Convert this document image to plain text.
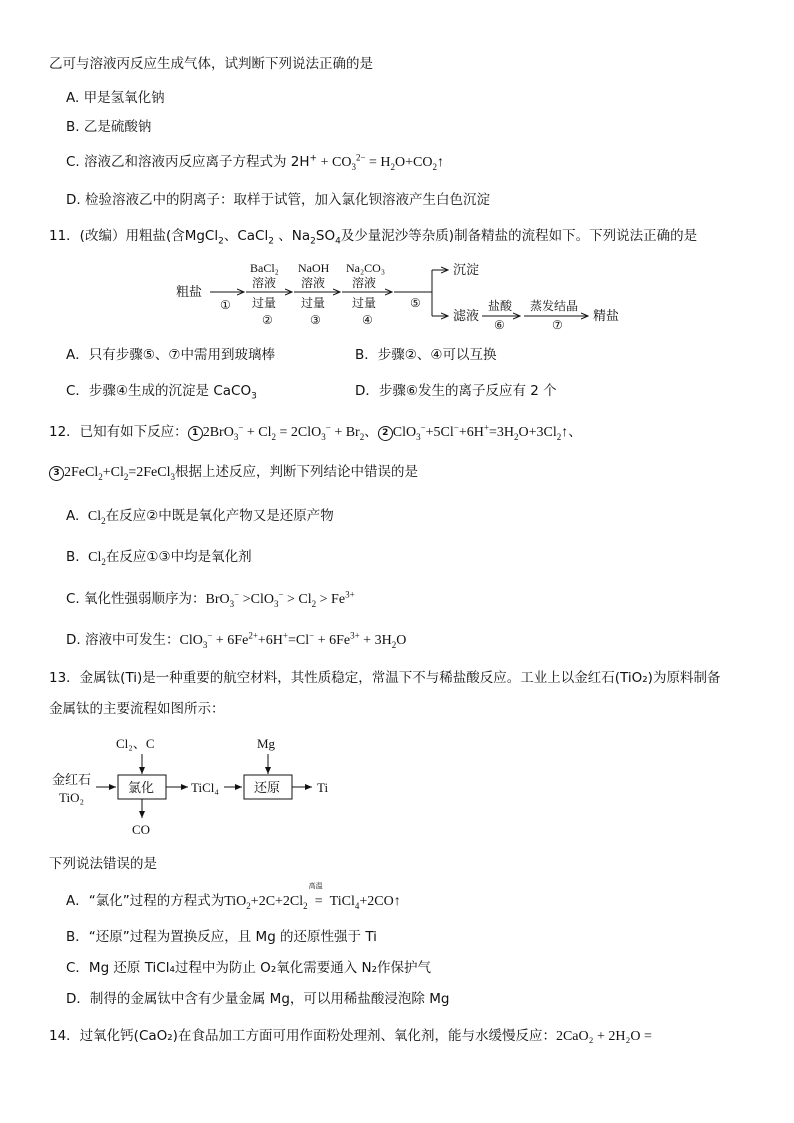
乙可与溶液丙反应生成气体，试判断下列说法正确的是
A. 甲是氢氧化钠
B. 乙是硫酸钠
C. 溶液乙和溶液丙反应离子方程式为 $2H^+ + CO_3^{2-}$ = $H_2O+CO_2↑$
D. 检验溶液乙中的阴离子：取样于试管，加入氯化钡溶液产生白色沉淀
11．(改编）用粗盐(含MgCl$_2$、CaCl$_2$ 、$Na_2SO_4$及少量泥沙等杂质)制备精盐的流程如下。下列说法正确的是
粗盐
①
BaCl₂
溶液
过量
②
NaOH
溶液
过量
③
Na₂CO₃
溶液
过量
④
⑤
沉淀
滤液
盐酸
⑥
蒸发结晶
⑦
精盐
A．只有步骤⑤、⑦中需用到玻璃棒	B．步骤②、④可以互换
C．步骤④生成的沉淀是 CaCO$_3$	D．步骤⑥发生的离子反应有 2 个
12．已知有如下反应： 1 $2BrO_3^- + Cl_2 = 2ClO_3^- + Br_2$、 2 $ClO_3^-+5Cl^-+6H^+=3H_2O+3Cl_2↑$、
3 $2FeCl_2+Cl_2=2FeCl_3$根据上述反应，判断下列结论中错误的是
A.  $Cl_2$在反应②中既是氧化产物又是还原产物
B.  $Cl_2$在反应①③中均是氧化剂
C. 氧化性强弱顺序为：$BrO_3^- >ClO_3^- > Cl_2 > Fe^{3+}$
D. 溶液中可发生：$ClO_3^- + 6Fe^{2+}+6H^+=Cl^- + 6Fe^{3+} + 3H_2O$
13．金属钛(Ti)是一种重要的航空材料，其性质稳定，常温下不与稀盐酸反应。工业上以金红石(TiO₂)为原料制备
金属钛的主要流程如图所示：
Cl₂、C
金红石
TiO₂
氯化	TiCl₄
Mg
还原	Ti
CO
下列说法错误的是
A．“氯化”过程的方程式为$TiO_2+2C+2Cl_2$
高温
= TiCl$_4$+2CO↑
B．“还原”过程为置换反应，且 Mg 的还原性强于 Ti
C．Mg 还原 TiCl₄过程中为防止 O₂氧化需要通入 N₂作保护气
D．制得的金属钛中含有少量金属 Mg，可以用稀盐酸浸泡除 Mg
14．过氧化钙(CaO₂)在食品加工方面可用作面粉处理剂、氧化剂，能与水缓慢反应：2CaO₂ + 2H₂O =
